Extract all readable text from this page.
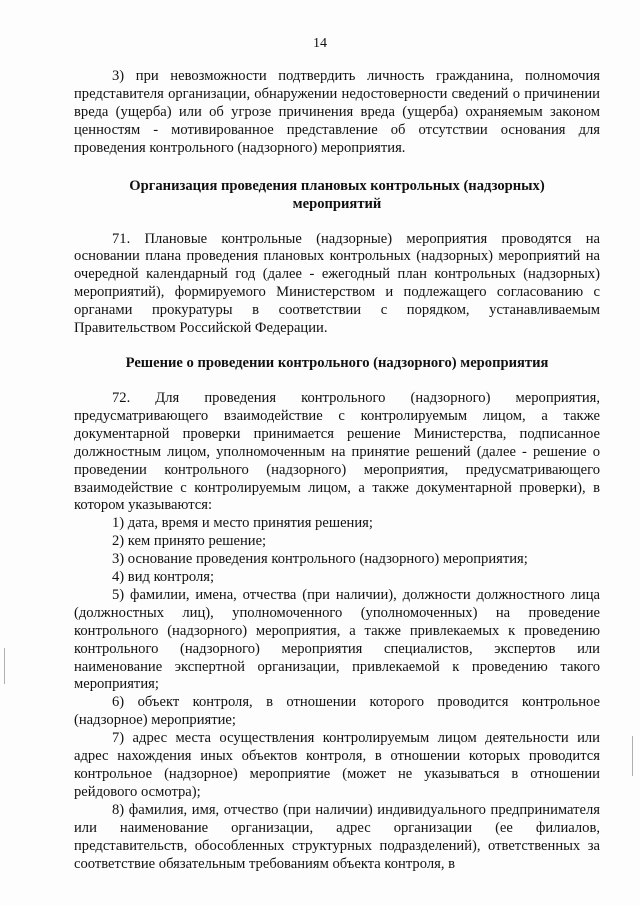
14

3) при невозможности подтвердить личность гражданина, полномочия представителя организации, обнаружении недостоверности сведений о причинении вреда (ущерба) или об угрозе причинения вреда (ущерба) охраняемым законом ценностям - мотивированное представление об отсутствии основания для проведения контрольного (надзорного) мероприятия.

Организация проведения плановых контрольных (надзорных) мероприятий

71. Плановые контрольные (надзорные) мероприятия проводятся на основании плана проведения плановых контрольных (надзорных) мероприятий на очередной календарный год (далее - ежегодный план контрольных (надзорных) мероприятий), формируемого Министерством и подлежащего согласованию с органами прокуратуры в соответствии с порядком, устанавливаемым Правительством Российской Федерации.

Решение о проведении контрольного (надзорного) мероприятия

72. Для проведения контрольного (надзорного) мероприятия, предусматривающего взаимодействие с контролируемым лицом, а также документарной проверки принимается решение Министерства, подписанное должностным лицом, уполномоченным на принятие решений (далее - решение о проведении контрольного (надзорного) мероприятия, предусматривающего взаимодействие с контролируемым лицом, а также документарной проверки), в котором указываются:

1) дата, время и место принятия решения;

2) кем принято решение;

3) основание проведения контрольного (надзорного) мероприятия;

4) вид контроля;

5) фамилии, имена, отчества (при наличии), должности должностного лица (должностных лиц), уполномоченного (уполномоченных) на проведение контрольного (надзорного) мероприятия, а также привлекаемых к проведению контрольного (надзорного) мероприятия специалистов, экспертов или наименование экспертной организации, привлекаемой к проведению такого мероприятия;

6) объект контроля, в отношении которого проводится контрольное (надзорное) мероприятие;

7) адрес места осуществления контролируемым лицом деятельности или адрес нахождения иных объектов контроля, в отношении которых проводится контрольное (надзорное) мероприятие (может не указываться в отношении рейдового осмотра);

8) фамилия, имя, отчество (при наличии) индивидуального предпринимателя или наименование организации, адрес организации (ее филиалов, представительств, обособленных структурных подразделений), ответственных за соответствие обязательным требованиям объекта контроля, в
